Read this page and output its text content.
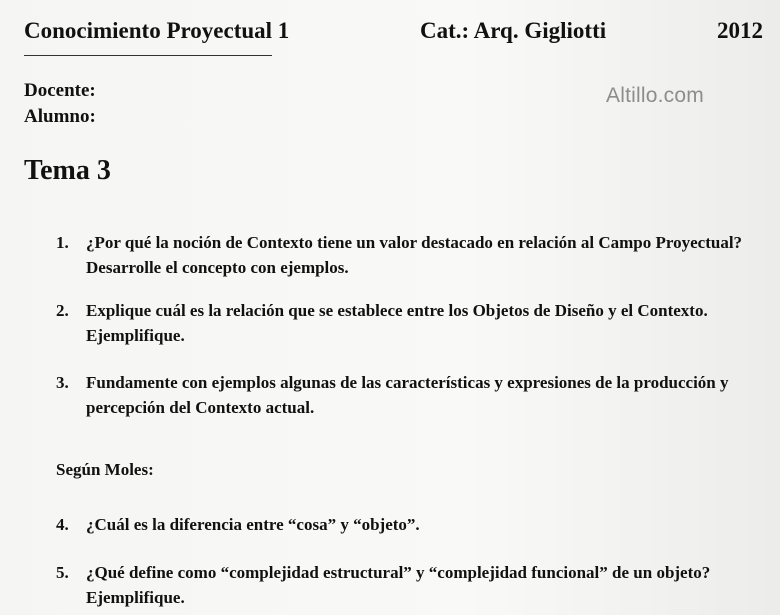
Conocimiento Proyectual 1	Cat.: Arq. Gigliotti	2012
Docente:
Alumno:
Altillo.com
Tema 3
1.	¿Por qué la noción de Contexto tiene un valor destacado en relación al Campo Proyectual? Desarrolle el concepto con ejemplos.
2.	Explique cuál es la relación que se establece entre los Objetos de Diseño y el Contexto. Ejemplifique.
3.	Fundamente con ejemplos algunas de las características y expresiones de la producción y percepción del Contexto actual.
Según Moles:
4.	¿Cuál es la diferencia entre “cosa” y “objeto”.
5.	¿Qué define como “complejidad estructural” y “complejidad funcional” de un objeto? Ejemplifique.
